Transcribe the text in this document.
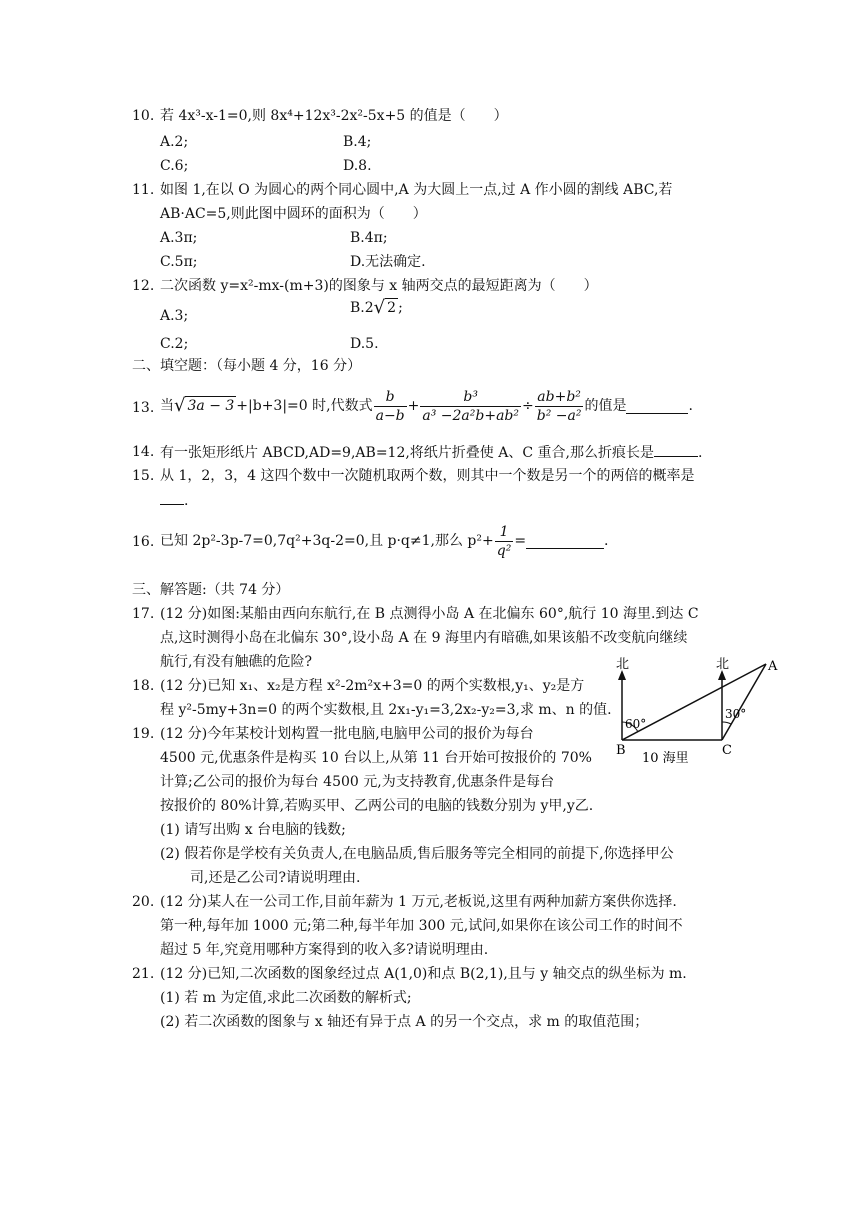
10. 若 4x³-x-1=0,则 8x⁴+12x³-2x²-5x+5 的值是（　　）
A.2;	B.4;
C.6;	D.8.
11. 如图 1,在以 O 为圆心的两个同心圆中,A 为大圆上一点,过 A 作小圆的割线 ABC,若
AB·AC=5,则此图中圆环的面积为（　　）
A.3π;	B.4π;
C.5π;	D.无法确定.
12. 二次函数 y=x²-mx-(m+3)的图象与 x 轴两交点的最短距离为（　　）
A.3;	B.2 √ 2 ;
C.2;	D.5.
二、填空题：（每小题 4 分，16 分）
13. 当 √ 3a − 3 +|b+3|=0 时,代数式 $\frac{b}{a-b} + \frac{\text{b³}}{\text{a³ −2a²b+ab²}} \div \frac{\text{ab+b²}}{\text{b² −a²}}$ 的值是	.
14. 有一张矩形纸片 ABCD,AD=9,AB=12,将纸片折叠使 A、C 重合,那么折痕长是	.
15. 从 1，2，3，4 这四个数中一次随机取两个数，则其中一个数是另一个的两倍的概率是
.
16. 已知 2p²-3p-7=0,7q²+3q-2=0,且 p·q≠1,那么 $p^2+ \frac{1}{\text{q²}}$ =	.
三、解答题:（共 74 分）
17. (12 分)如图:某船由西向东航行,在 B 点测得小岛 A 在北偏东 60°,航行 10 海里.到达 C
点,这时测得小岛在北偏东 30°,设小岛 A 在 9 海里内有暗礁,如果该船不改变航向继续
航行,有没有触礁的危险?
18. (12 分)已知 x₁、x₂是方程 x²-2m²x+3=0 的两个实数根,y₁、y₂是方
程 y²-5my+3n=0 的两个实数根,且 2x₁-y₁=3,2x₂-y₂=3,求 m、n 的值.
19. (12 分)今年某校计划构置一批电脑,电脑甲公司的报价为每台
4500 元,优惠条件是构买 10 台以上,从第 11 台开始可按报价的 70%
计算;乙公司的报价为每台 4500 元,为支持教育,优惠条件是每台
按报价的 80%计算,若购买甲、乙两公司的电脑的钱数分别为 y甲,y乙.
(1) 请写出购 x 台电脑的钱数;
(2) 假若你是学校有关负责人,在电脑品质,售后服务等完全相同的前提下,你选择甲公
司,还是乙公司?请说明理由.
20. (12 分)某人在一公司工作,目前年薪为 1 万元,老板说,这里有两种加薪方案供你选择.
第一种,每年加 1000 元;第二种,每半年加 300 元,试问,如果你在该公司工作的时间不
超过 5 年,究竟用哪种方案得到的收入多?请说明理由.
21. (12 分)已知,二次函数的图象经过点 A(1,0)和点 B(2,1),且与 y 轴交点的纵坐标为 m.
(1) 若 m 为定值,求此二次函数的解析式;
(2) 若二次函数的图象与 x 轴还有异于点 A 的另一个交点，求 m 的取值范围；
北	北	A
B	C
60°
30°
10 海里
